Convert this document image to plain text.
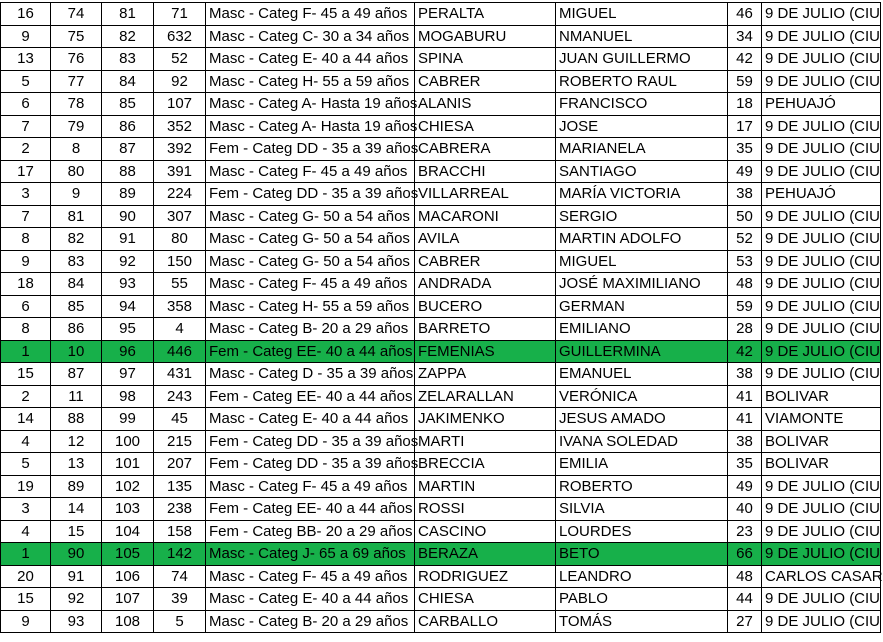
16	74	81	71	Masc - Categ F- 45 a 49 años	PERALTA	MIGUEL	46	9 DE JULIO (CIU
9	75	82	632	Masc - Categ C- 30 a 34 años	MOGABURU	NMANUEL	34	9 DE JULIO (CIU
13	76	83	52	Masc - Categ E- 40 a 44 años	SPINA	JUAN GUILLERMO	42	9 DE JULIO (CIU
5	77	84	92	Masc - Categ H- 55 a 59 años	CABRER	ROBERTO RAUL	59	9 DE JULIO (CIU
6	78	85	107	Masc - Categ A- Hasta 19 años	ALANIS	FRANCISCO	18	PEHUAJÓ
7	79	86	352	Masc - Categ A- Hasta 19 años	CHIESA	JOSE	17	9 DE JULIO (CIU
2	8	87	392	Fem - Categ DD - 35 a 39 años	CABRERA	MARIANELA	35	9 DE JULIO (CIU
17	80	88	391	Masc - Categ F- 45 a 49 años	BRACCHI	SANTIAGO	49	9 DE JULIO (CIU
3	9	89	224	Fem - Categ DD - 35 a 39 años	VILLARREAL	MARÍA VICTORIA	38	PEHUAJÓ
7	81	90	307	Masc - Categ G- 50 a 54 años	MACARONI	SERGIO	50	9 DE JULIO (CIU
8	82	91	80	Masc - Categ G- 50 a 54 años	AVILA	MARTIN ADOLFO	52	9 DE JULIO (CIU
9	83	92	150	Masc - Categ G- 50 a 54 años	CABRER	MIGUEL	53	9 DE JULIO (CIU
18	84	93	55	Masc - Categ F- 45 a 49 años	ANDRADA	JOSÉ MAXIMILIANO	48	9 DE JULIO (CIU
6	85	94	358	Masc - Categ H- 55 a 59 años	BUCERO	GERMAN	59	9 DE JULIO (CIU
8	86	95	4	Masc - Categ B- 20 a 29 años	BARRETO	EMILIANO	28	9 DE JULIO (CIU
1	10	96	446	Fem - Categ EE- 40 a 44 años	FEMENIAS	GUILLERMINA	42	9 DE JULIO (CIU
15	87	97	431	Masc - Categ D - 35 a 39 años	ZAPPA	EMANUEL	38	9 DE JULIO (CIU
2	11	98	243	Fem - Categ EE- 40 a 44 años	ZELARALLAN	VERÓNICA	41	BOLIVAR
14	88	99	45	Masc - Categ E- 40 a 44 años	JAKIMENKO	JESUS AMADO	41	VIAMONTE
4	12	100	215	Fem - Categ DD - 35 a 39 años	MARTI	IVANA SOLEDAD	38	BOLIVAR
5	13	101	207	Fem - Categ DD - 35 a 39 años	BRECCIA	EMILIA	35	BOLIVAR
19	89	102	135	Masc - Categ F- 45 a 49 años	MARTIN	ROBERTO	49	9 DE JULIO (CIU
3	14	103	238	Fem - Categ EE- 40 a 44 años	ROSSI	SILVIA	40	9 DE JULIO (CIU
4	15	104	158	Fem - Categ BB- 20 a 29 años	CASCINO	LOURDES	23	9 DE JULIO (CIU
1	90	105	142	Masc - Categ J- 65 a 69 años	BERAZA	BETO	66	9 DE JULIO (CIU
20	91	106	74	Masc - Categ F- 45 a 49 años	RODRIGUEZ	LEANDRO	48	CARLOS CASAR
15	92	107	39	Masc - Categ E- 40 a 44 años	CHIESA	PABLO	44	9 DE JULIO (CIU
9	93	108	5	Masc - Categ B- 20 a 29 años	CARBALLO	TOMÁS	27	9 DE JULIO (CIU
